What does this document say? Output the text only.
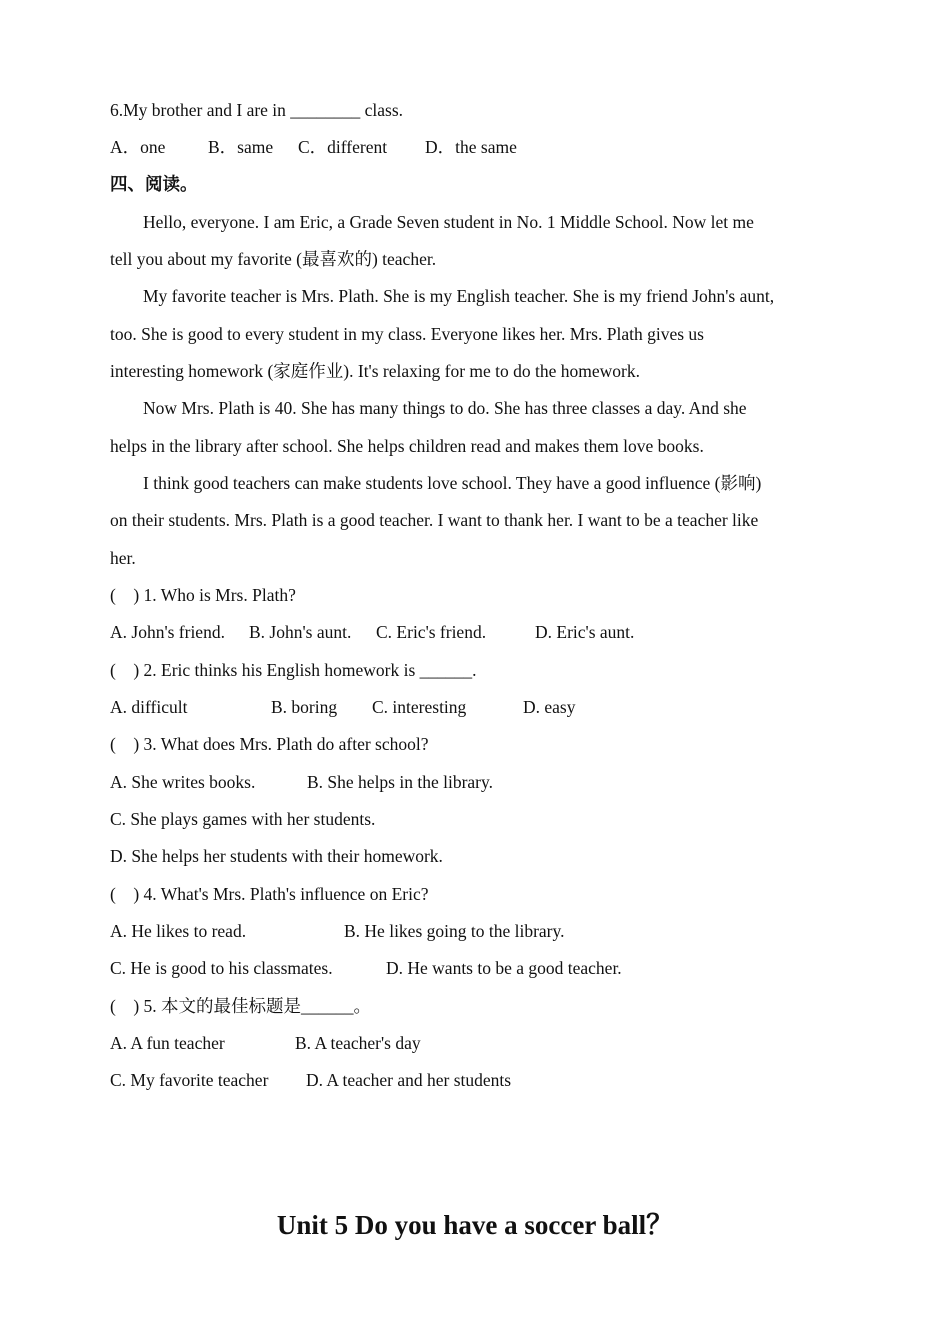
6.My brother and I are in ________ class.
A．one B．same C．different D．the same
四、阅读。
Hello, everyone. I am Eric, a Grade Seven student in No. 1 Middle School. Now let me
tell you about my favorite (最喜欢的) teacher.
My favorite teacher is Mrs. Plath. She is my English teacher. She is my friend John's aunt,
too. She is good to every student in my class. Everyone likes her. Mrs. Plath gives us
interesting homework (家庭作业). It's relaxing for me to do the homework.
Now Mrs. Plath is 40. She has many things to do. She has three classes a day. And she
helps in the library after school. She helps children read and makes them love books.
I think good teachers can make students love school. They have a good influence (影响)
on their students. Mrs. Plath is a good teacher. I want to thank her. I want to be a teacher like
her.
(    ) 1. Who is Mrs. Plath?
A. John's friend. B. John's aunt. C. Eric's friend.	D. Eric's aunt.
(    ) 2. Eric thinks his English homework is ______.
A. difficult	B. boring C. interesting	D. easy
(    ) 3. What does Mrs. Plath do after school?
A. She writes books.	B. She helps in the library.
C. She plays games with her students.
D. She helps her students with their homework.
(    ) 4. What's Mrs. Plath's influence on Eric?
A. He likes to read.	B. He likes going to the library.
C. He is good to his classmates.	D. He wants to be a good teacher.
(    ) 5. 本文的最佳标题是______。
A. A fun teacher	B. A teacher's day
C. My favorite teacher D. A teacher and her students
Unit 5 Do you have a soccer ball？
